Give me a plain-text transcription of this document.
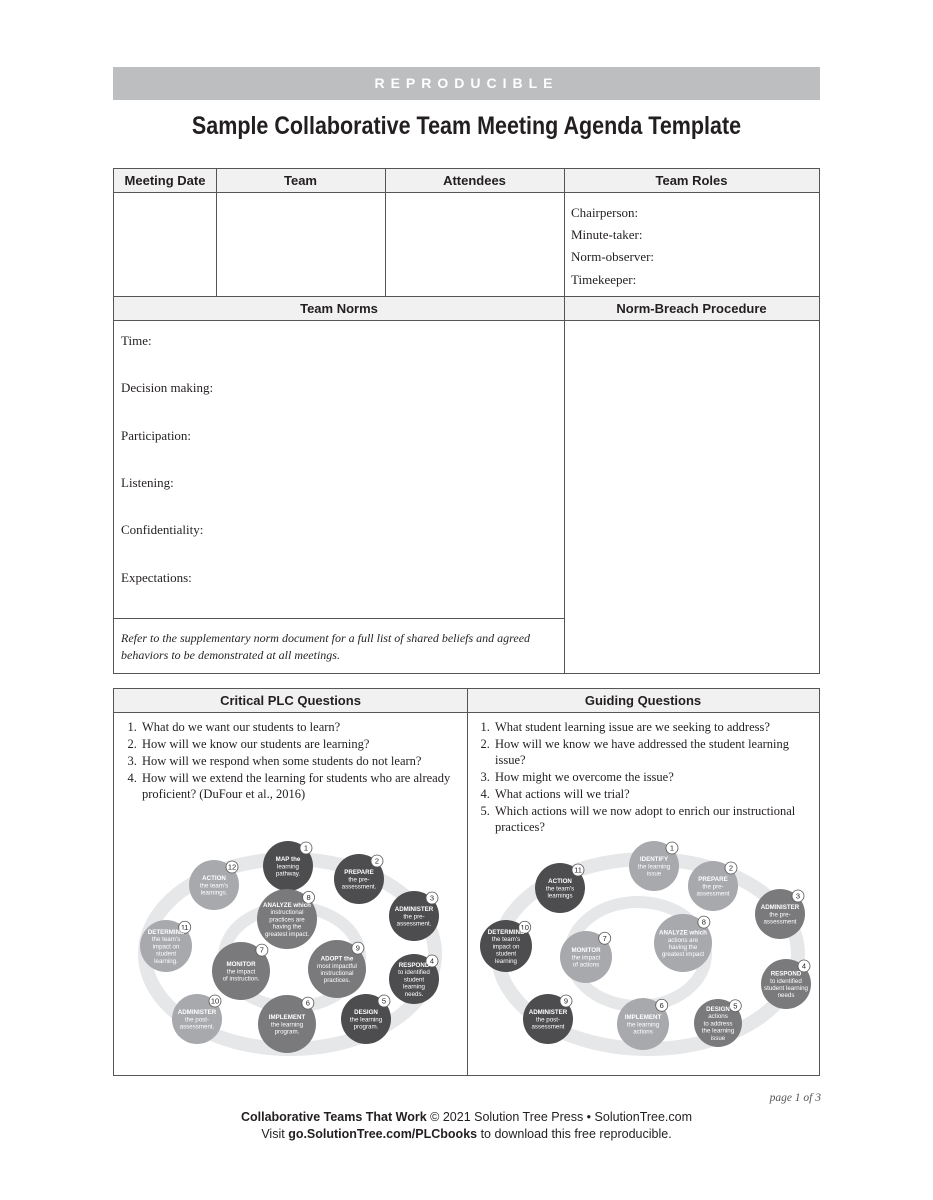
REPRODUCIBLE
Sample Collaborative Team Meeting Agenda Template
Meeting Date	Team	Attendees	Team Roles
Chairperson:
Minute-taker:
Norm-observer:
Timekeeper:
Team Norms	Norm-Breach Procedure
Time:
Decision making:
Participation:
Listening:
Confidentiality:
Expectations:
Refer to the supplementary norm document for a full list of shared beliefs and agreed behaviors to be demonstrated at all meetings.
Critical PLC Questions	Guiding Questions
1. What do we want our students to learn?
2. How will we know our students are learning?
3. How will we respond when some students do not learn?
4. How will we extend the learning for students who are already proficient? (DuFour et al., 2016)
1. What student learning issue are we seeking to address?
2. How will we know we have addressed the student learning issue?
3. How might we overcome the issue?
4. What actions will we trial?
5. Which actions will we now adopt to enrich our instructional practices?
1
MAP the
learning
pathway.
2
PREPARE
the pre-
assessment.
3
ADMINISTER
the pre-
assessment.
4
RESPOND
to identified
student
learning
needs.
5
DESIGN
the learning
program.
6
IMPLEMENT
the learning
program.
7
MONITOR
the impact
of instruction.
8
ANALYZE which
instructional
practices are
having the
greatest impact.
9
ADOPT the
most impactful
instructional
practices.
10
ADMINISTER
the post-
assessment.
11
DETERMINE
the team's
impact on
student
learning.
12
ACTION
the team's
learnings.
1
IDENTIFY
the learning
issue
2
PREPARE
the pre-
assessment	3
ADMINISTER
the pre-
assessment
4
RESPOND
to identified
student learning
needs
5
DESIGN
actions
to address
the learning
issue
6
IMPLEMENT
the learning
actions
7
MONITOR
the impact
of actions
8
ANALYZE which
actions are
having the
greatest impact
9
ADMINISTER
the post-
assessment
10
DETERMINE
the team's
impact on
student
learning
11
ACTION
the team's
learnings
page 1 of 3
Collaborative Teams That Work © 2021 Solution Tree Press • SolutionTree.com
Visit go.SolutionTree.com/PLCbooks to download this free reproducible.
